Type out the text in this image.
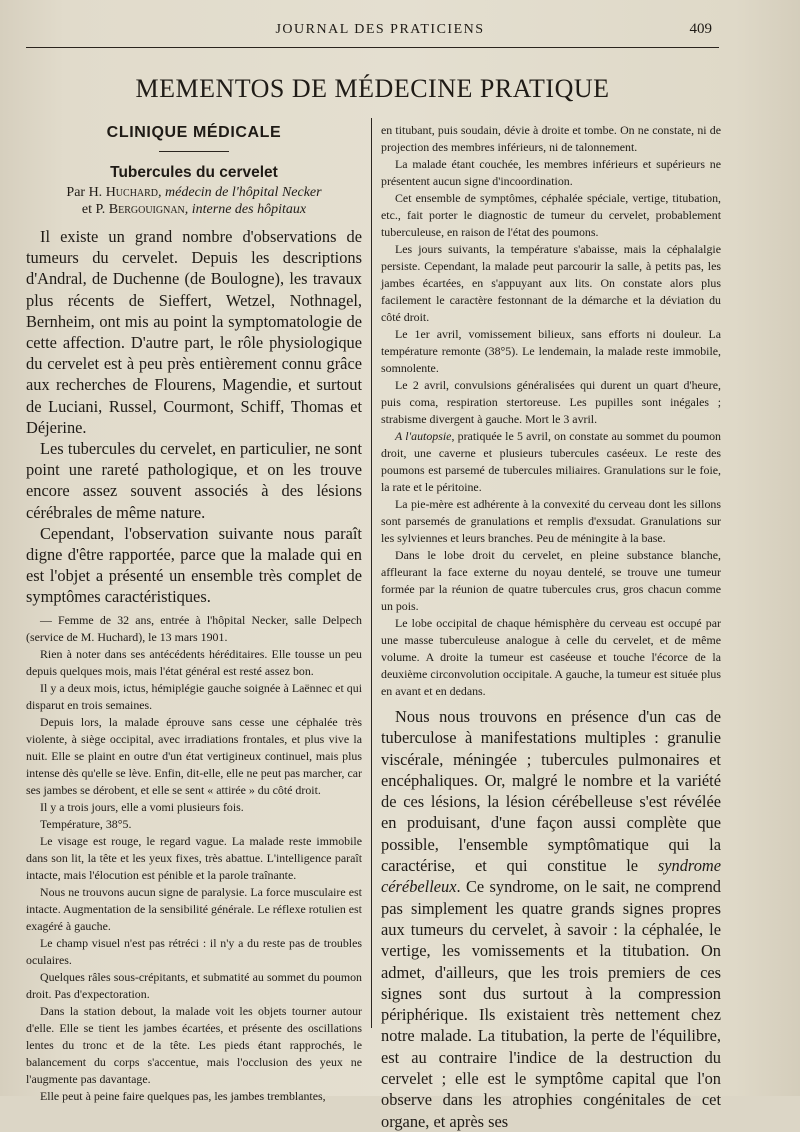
JOURNAL DES PRATICIENS	409
MEMENTOS DE MÉDECINE PRATIQUE
CLINIQUE MÉDICALE
Tubercules du cervelet
Par H. Huchard, médecin de l'hôpital Necker
et P. Bergouignan, interne des hôpitaux

Il existe un grand nombre d'observations de tumeurs du cervelet. Depuis les descriptions d'Andral, de Duchenne (de Boulogne), les travaux plus récents de Sieffert, Wetzel, Nothnagel, Bernheim, ont mis au point la symptomatologie de cette affection. D'autre part, le rôle physiologique du cervelet est à peu près entièrement connu grâce aux recherches de Flourens, Magendie, et surtout de Luciani, Russel, Courmont, Schiff, Thomas et Déjerine.

Les tubercules du cervelet, en particulier, ne sont point une rareté pathologique, et on les trouve encore assez souvent associés à des lésions cérébrales de même nature.

Cependant, l'observation suivante nous paraît digne d'être rapportée, parce que la malade qui en est l'objet a présenté un ensemble très complet de symptômes caractéristiques.

— Femme de 32 ans, entrée à l'hôpital Necker, salle Delpech (service de M. Huchard), le 13 mars 1901.

Rien à noter dans ses antécédents héréditaires. Elle tousse un peu depuis quelques mois, mais l'état général est resté assez bon.

Il y a deux mois, ictus, hémiplégie gauche soignée à Laënnec et qui disparut en trois semaines.

Depuis lors, la malade éprouve sans cesse une céphalée très violente, à siège occipital, avec irradiations frontales, et plus vive la nuit. Elle se plaint en outre d'un état vertigineux continuel, mais plus intense dès qu'elle se lève. Enfin, dit-elle, elle ne peut pas marcher, car ses jambes se dérobent, et elle se sent « attirée » du côté droit.

Il y a trois jours, elle a vomi plusieurs fois.

Température, 38°5.

Le visage est rouge, le regard vague. La malade reste immobile dans son lit, la tête et les yeux fixes, très abattue. L'intelligence paraît intacte, mais l'élocution est pénible et la parole traînante.

Nous ne trouvons aucun signe de paralysie. La force musculaire est intacte. Augmentation de la sensibilité générale. Le réflexe rotulien est exagéré à gauche.

Le champ visuel n'est pas rétréci : il n'y a du reste pas de troubles oculaires.

Quelques râles sous-crépitants, et submatité au sommet du poumon droit. Pas d'expectoration.

Dans la station debout, la malade voit les objets tourner autour d'elle. Elle se tient les jambes écartées, et présente des oscillations lentes du tronc et de la tête. Les pieds étant rapprochés, le balancement du corps s'accentue, mais l'occlusion des yeux ne l'augmente pas davantage.

Elle peut à peine faire quelques pas, les jambes tremblantes,

en titubant, puis soudain, dévie à droite et tombe. On ne constate, ni de projection des membres inférieurs, ni de talonnement.

La malade étant couchée, les membres inférieurs et supérieurs ne présentent aucun signe d'incoordination.

Cet ensemble de symptômes, céphalée spéciale, vertige, titubation, etc., fait porter le diagnostic de tumeur du cervelet, probablement tuberculeuse, en raison de l'état des poumons.

Les jours suivants, la température s'abaisse, mais la céphalalgie persiste. Cependant, la malade peut parcourir la salle, à petits pas, les jambes écartées, en s'appuyant aux lits. On constate alors plus facilement le caractère festonnant de la démarche et la déviation du côté droit.

Le 1er avril, vomissement bilieux, sans efforts ni douleur. La température remonte (38°5). Le lendemain, la malade reste immobile, somnolente.

Le 2 avril, convulsions généralisées qui durent un quart d'heure, puis coma, respiration stertoreuse. Les pupilles sont inégales ; strabisme divergent à gauche. Mort le 3 avril.

A l'autopsie, pratiquée le 5 avril, on constate au sommet du poumon droit, une caverne et plusieurs tubercules caséeux. Le reste des poumons est parsemé de tubercules miliaires. Granulations sur le foie, la rate et le péritoine.

La pie-mère est adhérente à la convexité du cerveau dont les sillons sont parsemés de granulations et remplis d'exsudat. Granulations sur les sylviennes et leurs branches. Peu de méningite à la base.

Dans le lobe droit du cervelet, en pleine substance blanche, affleurant la face externe du noyau dentelé, se trouve une tumeur formée par la réunion de quatre tubercules crus, gros chacun comme un pois.

Le lobe occipital de chaque hémisphère du cerveau est occupé par une masse tuberculeuse analogue à celle du cervelet, et de même volume. A droite la tumeur est caséeuse et touche l'écorce de la deuxième circonvolution occipitale. A gauche, la tumeur est située plus en avant et en dedans.

Nous nous trouvons en présence d'un cas de tuberculose à manifestations multiples : granulie viscérale, méningée ; tubercules pulmonaires et encéphaliques. Or, malgré le nombre et la variété de ces lésions, la lésion cérébelleuse s'est révélée en produisant, d'une façon aussi complète que possible, l'ensemble symptômatique qui la caractérise, et qui constitue le syndrome cérébelleux. Ce syndrome, on le sait, ne comprend pas simplement les quatre grands signes propres aux tumeurs du cervelet, à savoir : la céphalée, le vertige, les vomissements et la titubation. On admet, d'ailleurs, que les trois premiers de ces signes sont dus surtout à la compression périphérique. Ils existaient très nettement chez notre malade. La titubation, la perte de l'équilibre, est au contraire l'indice de la destruction du cervelet ; elle est le symptôme capital que l'on observe dans les atrophies congénitales de cet organe, et après ses
